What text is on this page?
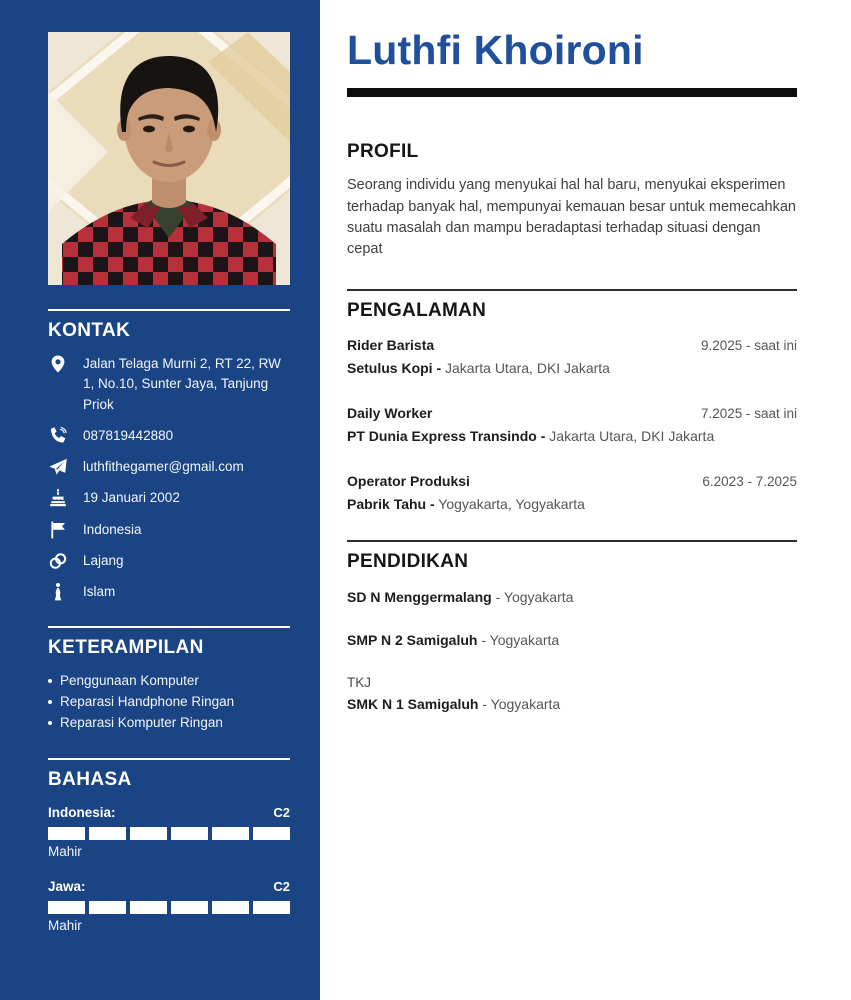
KONTAK
Jalan Telaga Murni 2, RT 22, RW 1, No.10, Sunter Jaya, Tanjung Priok
087819442880
luthfithegamer@gmail.com
19 Januari 2002
Indonesia
Lajang
Islam
KETERAMPILAN
Penggunaan Komputer
Reparasi Handphone Ringan
Reparasi Komputer Ringan
BAHASA
Indonesia:	C2
Mahir
Jawa:	C2
Mahir
Luthfi Khoironi
PROFIL

Seorang individu yang menyukai hal hal baru, menyukai eksperimen terhadap banyak hal, mempunyai kemauan besar untuk memecahkan suatu masalah dan mampu beradaptasi terhadap situasi dengan cepat

PENGALAMAN
Rider Barista	9.2025 - saat ini
Setulus Kopi - Jakarta Utara, DKI Jakarta
Daily Worker	7.2025 - saat ini
PT Dunia Express Transindo - Jakarta Utara, DKI Jakarta
Operator Produksi	6.2023 - 7.2025
Pabrik Tahu - Yogyakarta, Yogyakarta
PENDIDIKAN
SD N Menggermalang - Yogyakarta
SMP N 2 Samigaluh - Yogyakarta
TKJ
SMK N 1 Samigaluh - Yogyakarta
